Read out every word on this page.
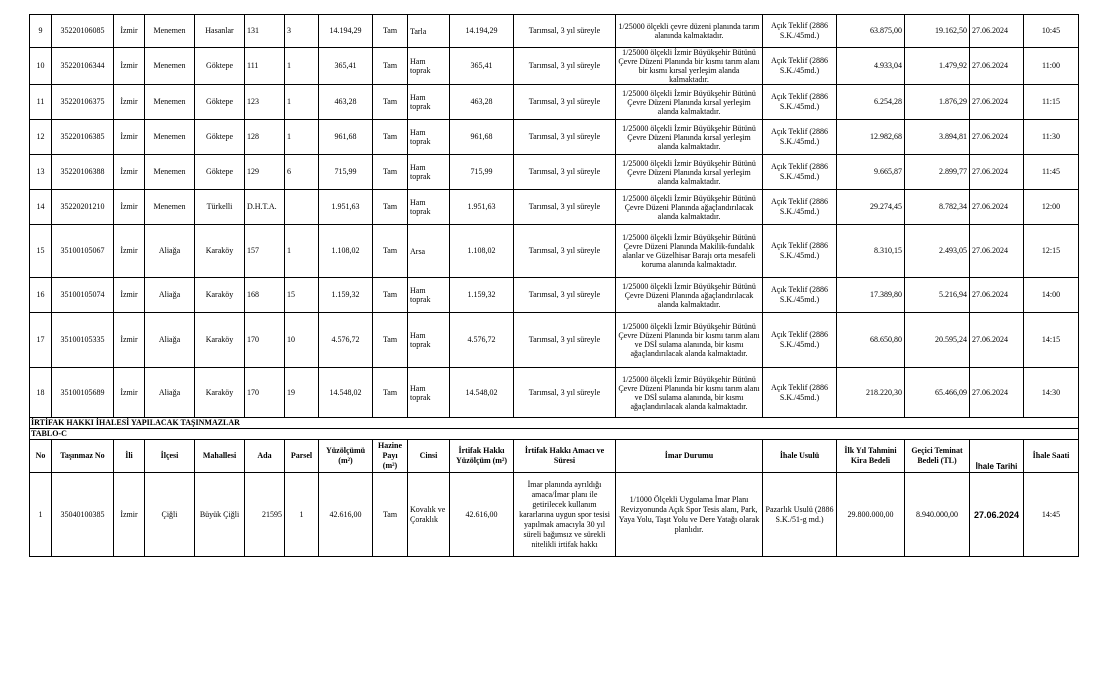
9	35220106085	İzmir	Menemen	Hasanlar	131	3	14.194,29	Tam	Tarla	14.194,29	Tarımsal, 3 yıl süreyle	1/25000 ölçekli çevre düzeni planında tarım alanında kalmaktadır.	Açık Teklif (2886 S.K./45md.)	63.875,00	19.162,50	27.06.2024	10:45
10	35220106344	İzmir	Menemen	Göktepe	111	1	365,41	Tam	Ham toprak	365,41	Tarımsal, 3 yıl süreyle	1/25000 ölçekli İzmir Büyükşehir Bütünü Çevre Düzeni Planında bir kısmı tarım alanı bir kısmı kırsal yerleşim alanda kalmaktadır.	Açık Teklif (2886 S.K./45md.)	4.933,04	1.479,92	27.06.2024	11:00
11	35220106375	İzmir	Menemen	Göktepe	123	1	463,28	Tam	Ham toprak	463,28	Tarımsal, 3 yıl süreyle	1/25000 ölçekli İzmir Büyükşehir Bütünü Çevre Düzeni Planında kırsal yerleşim alanda kalmaktadır.	Açık Teklif (2886 S.K./45md.)	6.254,28	1.876,29	27.06.2024	11:15
12	35220106385	İzmir	Menemen	Göktepe	128	1	961,68	Tam	Ham toprak	961,68	Tarımsal, 3 yıl süreyle	1/25000 ölçekli İzmir Büyükşehir Bütünü Çevre Düzeni Planında kırsal yerleşim alanda kalmaktadır.	Açık Teklif (2886 S.K./45md.)	12.982,68	3.894,81	27.06.2024	11:30
13	35220106388	İzmir	Menemen	Göktepe	129	6	715,99	Tam	Ham toprak	715,99	Tarımsal, 3 yıl süreyle	1/25000 ölçekli İzmir Büyükşehir Bütünü Çevre Düzeni Planında kırsal yerleşim alanda kalmaktadır.	Açık Teklif (2886 S.K./45md.)	9.665,87	2.899,77	27.06.2024	11:45
14	35220201210	İzmir	Menemen	Türkelli	D.H.T.A.		1.951,63	Tam	Ham toprak	1.951,63	Tarımsal, 3 yıl süreyle	1/25000 ölçekli İzmir Büyükşehir Bütünü Çevre Düzeni Planında ağaçlandırılacak alanda kalmaktadır.	Açık Teklif (2886 S.K./45md.)	29.274,45	8.782,34	27.06.2024	12:00
15	35100105067	İzmir	Aliağa	Karaköy	157	1	1.108,02	Tam	Arsa	1.108,02	Tarımsal, 3 yıl süreyle	1/25000 ölçekli İzmir Büyükşehir Bütünü Çevre Düzeni Planında Makilik-fundalık alanlar ve Güzelhisar Barajı orta mesafeli koruma alanında kalmaktadır.	Açık Teklif (2886 S.K./45md.)	8.310,15	2.493,05	27.06.2024	12:15
16	35100105074	İzmir	Aliağa	Karaköy	168	15	1.159,32	Tam	Ham toprak	1.159,32	Tarımsal, 3 yıl süreyle	1/25000 ölçekli İzmir Büyükşehir Bütünü Çevre Düzeni Planında ağaçlandırılacak alanda kalmaktadır.	Açık Teklif (2886 S.K./45md.)	17.389,80	5.216,94	27.06.2024	14:00
17	35100105335	İzmir	Aliağa	Karaköy	170	10	4.576,72	Tam	Ham toprak	4.576,72	Tarımsal, 3 yıl süreyle	1/25000 ölçekli İzmir Büyükşehir Bütünü Çevre Düzeni Planında bir kısmı tarım alanı ve DSİ sulama alanında, bir kısmı ağaçlandırılacak alanda kalmaktadır.	Açık Teklif (2886 S.K./45md.)	68.650,80	20.595,24	27.06.2024	14:15
18	35100105689	İzmir	Aliağa	Karaköy	170	19	14.548,02	Tam	Ham toprak	14.548,02	Tarımsal, 3 yıl süreyle	1/25000 ölçekli İzmir Büyükşehir Bütünü Çevre Düzeni Planında bir kısmı tarım alanı ve DSİ sulama alanında, bir kısmı ağaçlandırılacak alanda kalmaktadır.	Açık Teklif (2886 S.K./45md.)	218.220,30	65.466,09	27.06.2024	14:30
İRTİFAK HAKKI İHALESİ YAPILACAK TAŞINMAZLAR																	
TABLO-C																	
No	Taşınmaz No	İli	İlçesi	Mahallesi	Ada	Parsel	Yüzölçümü (m²)	Hazine Payı (m²)	Cinsi	İrtifak Hakkı Yüzölçüm (m²)	İrtifak Hakkı Amacı ve Süresi	İmar Durumu	İhale Usulü	İlk Yıl Tahmini Kira Bedeli	Geçici Teminat Bedeli (TL)	İhale Tarihi	İhale Saati
1	35040100385	İzmir	Çiğli	Büyük Çiğli	21595	1	42.616,00	Tam	Kovalık ve Çoraklık	42.616,00	İmar planında ayrıldığı amaca/İmar planı ile getirilecek kullanım kararlarına uygun spor tesisi yapılmak amacıyla 30 yıl süreli bağımsız ve sürekli nitelikli irtifak hakkı	1/1000 Ölçekli Uygulama İmar Planı Revizyonunda Açık Spor Tesis alanı, Park, Yaya Yolu, Taşıt Yolu ve Dere Yatağı olarak planlıdır.	Pazarlık Usulü (2886 S.K./51-g md.)	29.800.000,00	8.940.000,00	27.06.2024	14:45
